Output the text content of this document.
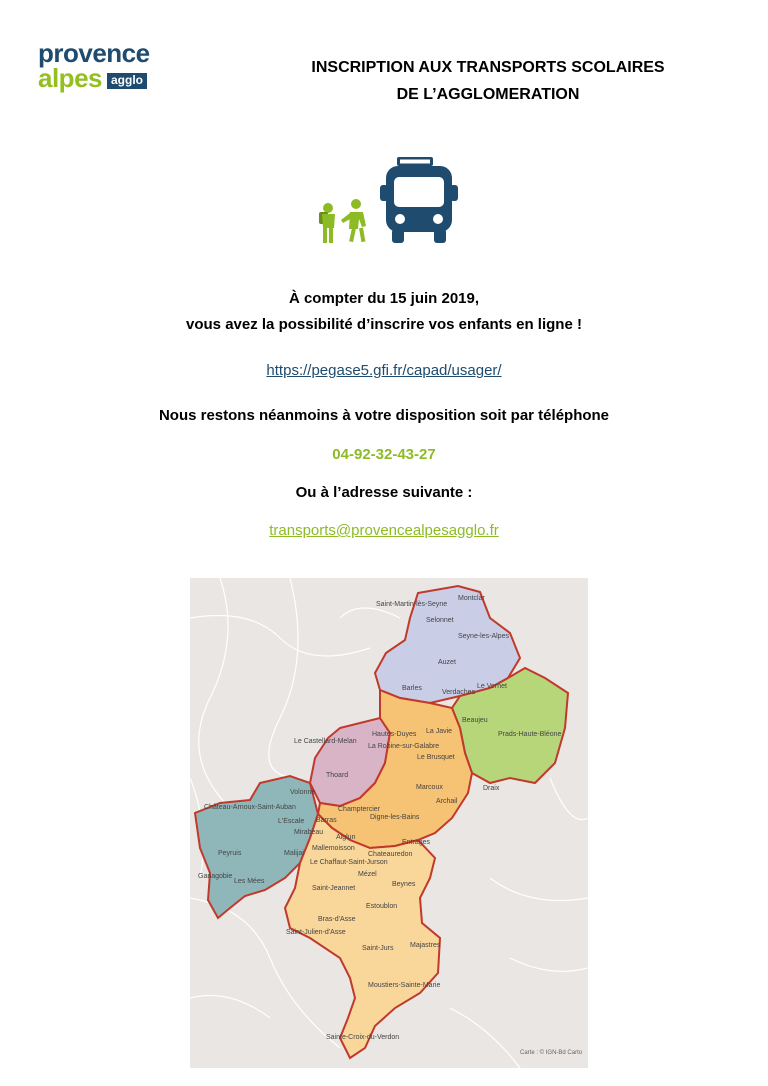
provence
alpes agglo
INSCRIPTION AUX TRANSPORTS SCOLAIRES
DE L’AGGLOMERATION
À compter du 15 juin 2019,
vous avez la possibilité d’inscrire vos enfants en ligne !
https://pegase5.gfi.fr/capad/usager/
Nous restons néanmoins à votre disposition soit par téléphone
04-92-32-43-27
Ou à l’adresse suivante :
transports@provencealpesagglo.fr
Montclar
Saint-Martin-lès-Seyne
Selonnet
Seyne-les-Alpes
Auzet
Barles
Verdaches
Le Vernet
Beaujeu
Prads-Haute-Bléone
Hautes-Duyes
Le Castellard-Melan
La Robine-sur-Galabre
La Javie
Le Brusquet
Thoard
Volonne
Château-Arnoux-Saint-Auban
L'Escale
Peyruis
Ganagobie
Les Mées
Malijai
Mirabeau
Barras
Champtercier
Aiglun
Mallemoisson
Marcoux
Archail
Draix
Digne-les-Bains
Entrages
Le Chaffaut-Saint-Jurson
Chateauredon
Mézel
Beynes
Saint-Jeannet
Estoublon
Bras-d'Asse
Saint-Julien-d'Asse
Saint-Jurs Majastres
Moustiers-Sainte-Marie
Sainte-Croix-du-Verdon
Carte : © IGN-Bd Carto
